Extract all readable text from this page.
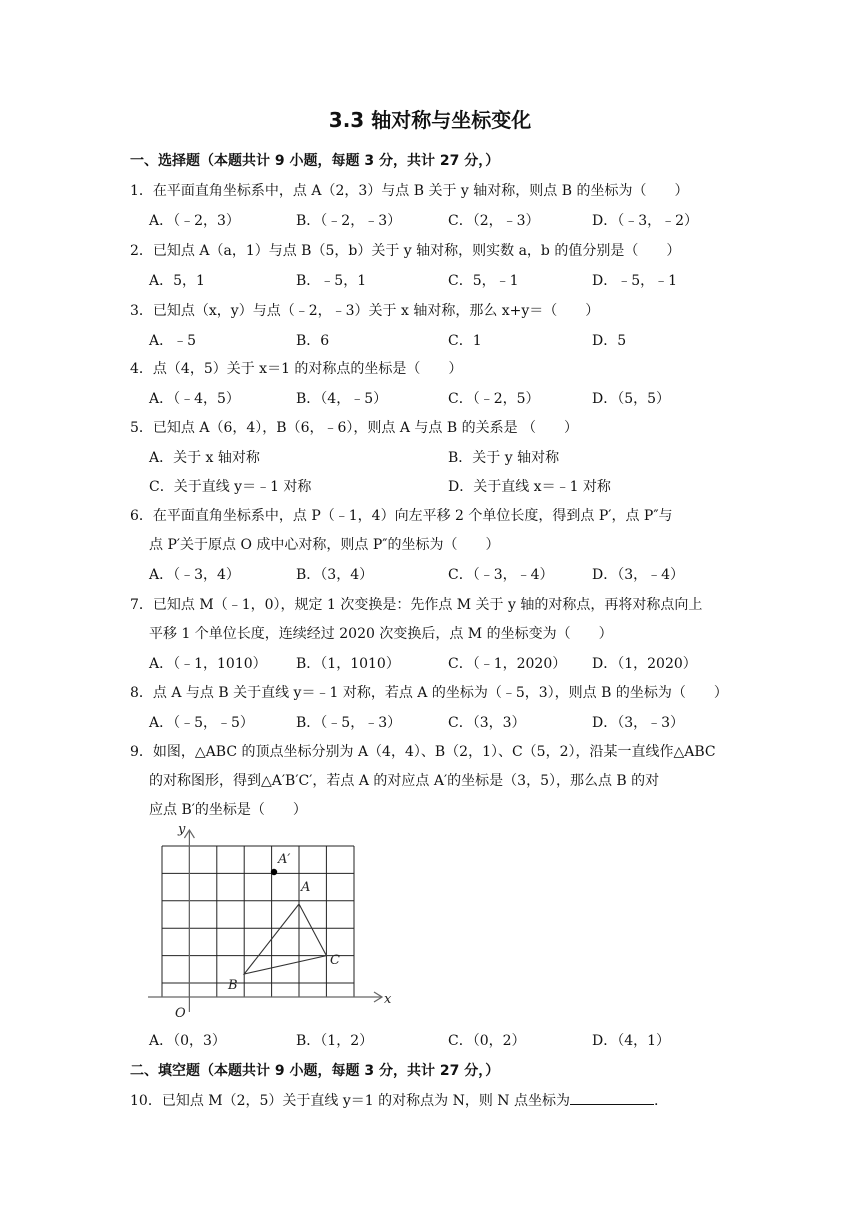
3.3 轴对称与坐标变化
一、选择题（本题共计 9 小题，每题 3 分，共计 27 分，）
1．在平面直角坐标系中，点 A（2，3）与点 B 关于 y 轴对称，则点 B 的坐标为（　　）
A．（﹣2，3）	B．（﹣2，﹣3）	C．（2，﹣3）	D．（﹣3，﹣2）
2．已知点 A（a，1）与点 B（5，b）关于 y 轴对称，则实数 a，b 的值分别是（　　）
A．5，1	B．﹣5，1	C．5，﹣1	D．﹣5，﹣1
3．已知点（x，y）与点（﹣2，﹣3）关于 x 轴对称，那么 x+y＝（　　）
A．﹣5	B．6	C．1	D．5
4．点（4，5）关于 x＝1 的对称点的坐标是（　　）
A．（﹣4，5）	B．（4，﹣5）	C．（﹣2，5）	D．（5，5）
5．已知点 A（6，4），B（6，﹣6），则点 A 与点 B 的关系是 （　　）
A．关于 x 轴对称	B．关于 y 轴对称
C．关于直线 y＝﹣1 对称	D．关于直线 x＝﹣1 对称
6．在平面直角坐标系中，点 P（﹣1，4）向左平移 2 个单位长度，得到点 P′，点 P″与
点 P′关于原点 O 成中心对称，则点 P″的坐标为（　　）
A．（﹣3，4）	B．（3，4）	C．（﹣3，﹣4）	D．（3，﹣4）
7．已知点 M（﹣1，0），规定 1 次变换是：先作点 M 关于 y 轴的对称点，再将对称点向上
平移 1 个单位长度，连续经过 2020 次变换后，点 M 的坐标变为（　　）
A．（﹣1，1010） B．（1，1010）	C．（﹣1，2020） D．（1，2020）
8．点 A 与点 B 关于直线 y＝﹣1 对称，若点 A 的坐标为（﹣5，3），则点 B 的坐标为（　　）
A．（﹣5，﹣5）	B．（﹣5，﹣3）	C．（3，3）	D．（3，﹣3）
9．如图，△ABC 的顶点坐标分别为 A（4，4）、B（2，1）、C（5，2），沿某一直线作△ABC
的对称图形，得到△A′B′C′，若点 A 的对应点 A′的坐标是（3，5），那么点 B 的对
应点 B′的坐标是（　　）
x
y
O
A′
A
B
C
A．（0，3）	B．（1，2）	C．（0，2）	D．（4，1）
二、填空题（本题共计 9 小题，每题 3 分，共计 27 分，）
10．已知点 M（2，5）关于直线 y＝1 的对称点为 N，则 N 点坐标为	.
